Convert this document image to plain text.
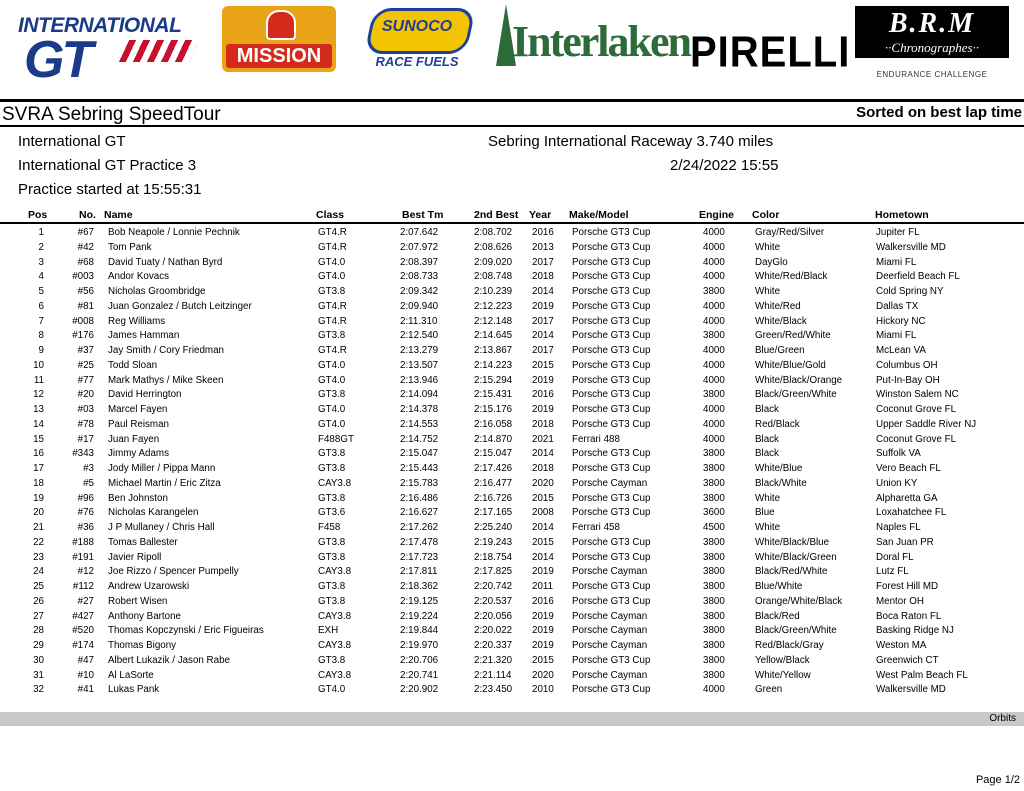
INTERNATIONAL
GT	MISSION
SUNOCO
RACE FUELS	Interlaken PIRELLI
B.R.M
··Chronographes··
ENDURANCE CHALLENGE
SVRA Sebring SpeedTour	Sorted on best lap time
International GT
International GT Practice 3
Practice started at 15:55:31
Sebring International Raceway 3.740 miles
2/24/2022 15:55
Pos	No. Name	Class	Best Tm	2nd Best Year Make/Model	Engine Color	Hometown
1	#67 Bob Neapole / Lonnie Pechnik	GT4.R	2:07.642	2:08.702 2016 Porsche GT3 Cup	4000	Gray/Red/Silver	Jupiter FL
2	#42 Tom Pank	GT4.R	2:07.972	2:08.626 2013 Porsche GT3 Cup	4000	White	Walkersville MD
3	#68 David Tuaty / Nathan Byrd	GT4.0	2:08.397	2:09.020 2017 Porsche GT3 Cup	4000	DayGlo	Miami FL
4	#003 Andor Kovacs	GT4.0	2:08.733	2:08.748 2018 Porsche GT3 Cup	4000	White/Red/Black	Deerfield Beach FL
5	#56 Nicholas Groombridge	GT3.8	2:09.342	2:10.239 2014 Porsche GT3 Cup	3800	White	Cold Spring NY
6	#81 Juan Gonzalez / Butch Leitzinger	GT4.R	2:09.940	2:12.223 2019 Porsche GT3 Cup	4000	White/Red	Dallas TX
7	#008 Reg Williams	GT4.R	2:11.310	2:12.148 2017 Porsche GT3 Cup	4000	White/Black	Hickory NC
8	#176 James Hamman	GT3.8	2:12.540	2:14.645 2014 Porsche GT3 Cup	3800	Green/Red/White	Miami FL
9	#37 Jay Smith / Cory Friedman	GT4.R	2:13.279	2:13.867 2017 Porsche GT3 Cup	4000	Blue/Green	McLean VA
10	#25 Todd Sloan	GT4.0	2:13.507	2:14.223 2015 Porsche GT3 Cup	4000	White/Blue/Gold	Columbus OH
11	#77 Mark Mathys / Mike Skeen	GT4.0	2:13.946	2:15.294 2019 Porsche GT3 Cup	4000	White/Black/Orange	Put-In-Bay OH
12	#20 David Herrington	GT3.8	2:14.094	2:15.431 2016 Porsche GT3 Cup	3800	Black/Green/White	Winston Salem NC
13	#03 Marcel Fayen	GT4.0	2:14.378	2:15.176 2019 Porsche GT3 Cup	4000	Black	Coconut Grove FL
14	#78 Paul Reisman	GT4.0	2:14.553	2:16.058 2018 Porsche GT3 Cup	4000	Red/Black	Upper Saddle River NJ
15	#17 Juan Fayen	F488GT	2:14.752	2:14.870 2021 Ferrari 488	4000	Black	Coconut Grove FL
16	#343 Jimmy Adams	GT3.8	2:15.047	2:15.047 2014 Porsche GT3 Cup	3800	Black	Suffolk VA
17	#3 Jody Miller / Pippa Mann	GT3.8	2:15.443	2:17.426 2018 Porsche GT3 Cup	3800	White/Blue	Vero Beach FL
18	#5 Michael Martin / Eric Zitza	CAY3.8	2:15.783	2:16.477 2020 Porsche Cayman	3800	Black/White	Union KY
19	#96 Ben Johnston	GT3.8	2:16.486	2:16.726 2015 Porsche GT3 Cup	3800	White	Alpharetta GA
20	#76 Nicholas Karangelen	GT3.6	2:16.627	2:17.165 2008 Porsche GT3 Cup	3600	Blue	Loxahatchee FL
21	#36 J P Mullaney / Chris Hall	F458	2:17.262	2:25.240 2014 Ferrari 458	4500	White	Naples FL
22	#188 Tomas Ballester	GT3.8	2:17.478	2:19.243 2015 Porsche GT3 Cup	3800	White/Black/Blue	San Juan PR
23	#191 Javier Ripoll	GT3.8	2:17.723	2:18.754 2014 Porsche GT3 Cup	3800	White/Black/Green	Doral FL
24	#12 Joe Rizzo / Spencer Pumpelly	CAY3.8	2:17.811	2:17.825 2019 Porsche Cayman	3800	Black/Red/White	Lutz FL
25	#112 Andrew Uzarowski	GT3.8	2:18.362	2:20.742 2011 Porsche GT3 Cup	3800	Blue/White	Forest Hill MD
26	#27 Robert Wisen	GT3.8	2:19.125	2:20.537 2016 Porsche GT3 Cup	3800	Orange/White/Black	Mentor OH
27	#427 Anthony Bartone	CAY3.8	2:19.224	2:20.056 2019 Porsche Cayman	3800	Black/Red	Boca Raton FL
28	#520 Thomas Kopczynski / Eric Figueiras	EXH	2:19.844	2:20.022 2019 Porsche Cayman	3800	Black/Green/White	Basking Ridge NJ
29	#174 Thomas Bigony	CAY3.8	2:19.970	2:20.337 2019 Porsche Cayman	3800	Red/Black/Gray	Weston MA
30	#47 Albert Lukazik / Jason Rabe	GT3.8	2:20.706	2:21.320 2015 Porsche GT3 Cup	3800	Yellow/Black	Greenwich CT
31	#10 Al LaSorte	CAY3.8	2:20.741	2:21.114 2020 Porsche Cayman	3800	White/Yellow	West Palm Beach FL
32	#41 Lukas Pank	GT4.0	2:20.902	2:23.450 2010 Porsche GT3 Cup	4000	Green	Walkersville MD
Orbits
Page 1/2
